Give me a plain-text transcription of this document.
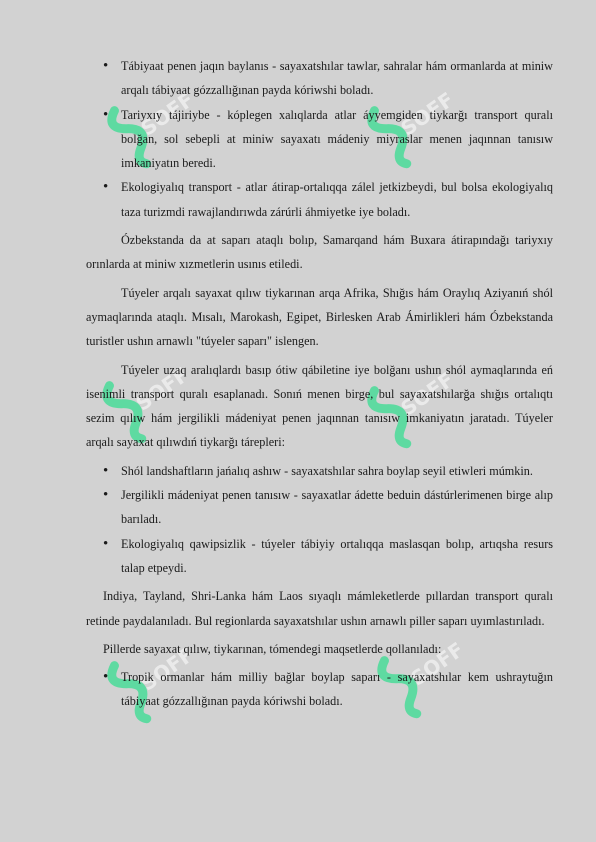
SOFF	SOFF
SOFF	SOFF
SOFF	SOFF
• Tábiyaat penen jaqın baylanıs - sayaxatshılar tawlar, sahralar hám ormanlarda at miniw arqalı tábiyaat gózzallığınan payda kóriwshi boladı.
• Tariyxıy tájiriybe - kóplegen xalıqlarda atlar áyyemgiden tiykarğı transport quralı bolğan, sol sebepli at miniw sayaxatı mádeniy miyraslar menen jaqınnan tanısıw imkaniyatın beredi.
• Ekologiyalıq transport - atlar átirap-ortalıqqa zálel jetkizbeydi, bul bolsa ekologiyalıq taza turizmdi rawajlandırıwda zárúrli áhmiyetke iye boladı.

Ózbekstanda da at saparı ataqlı bolıp, Samarqand hám Buxara átirapındağı tariyxıy orınlarda at miniw xızmetlerin usınıs etiledi.

Túyeler arqalı sayaxat qılıw tiykarınan arqa Afrika, Shığıs hám Oraylıq Aziyanıń shól aymaqlarında ataqlı. Mısalı, Marokash, Egipet, Birlesken Arab Ámirlikleri hám Ózbekstanda turistler ushın arnawlı "túyeler saparı" islengen.

Túyeler uzaq aralıqlardı basıp ótiw qábiletine iye bolğanı ushın shól aymaqlarında eń isenimli transport quralı esaplanadı. Sonıń menen birge, bul sayaxatshılarğa shığıs ortalıqtı sezim qılıw hám jergilikli mádeniyat penen jaqınnan tanısıw imkaniyatın jaratadı. Túyeler arqalı sayaxat qılıwdıń tiykarğı tárepleri:

• Shól landshaftların jańalıq ashıw - sayaxatshılar sahra boylap seyil etiwleri múmkin.
• Jergilikli mádeniyat penen tanısıw - sayaxatlar ádette beduin dástúrlerimenen birge alıp barıladı.
• Ekologiyalıq qawipsizlik - túyeler tábiyiy ortalıqqa maslasqan bolıp, artıqsha resurs talap etpeydi.

Indiya, Tayland, Shri-Lanka hám Laos sıyaqlı mámleketlerde pıllardan transport quralı retinde paydalanıladı. Bul regionlarda sayaxatshılar ushın arnawlı piller saparı uyımlastırıladı.

Pillerde sayaxat qılıw, tiykarınan, tómendegi maqsetlerde qollanıladı:

• Tropik ormanlar hám milliy bağlar boylap saparı - sayaxatshılar kem ushraytuğın tábiyaat gózzallığınan payda kóriwshi boladı.
